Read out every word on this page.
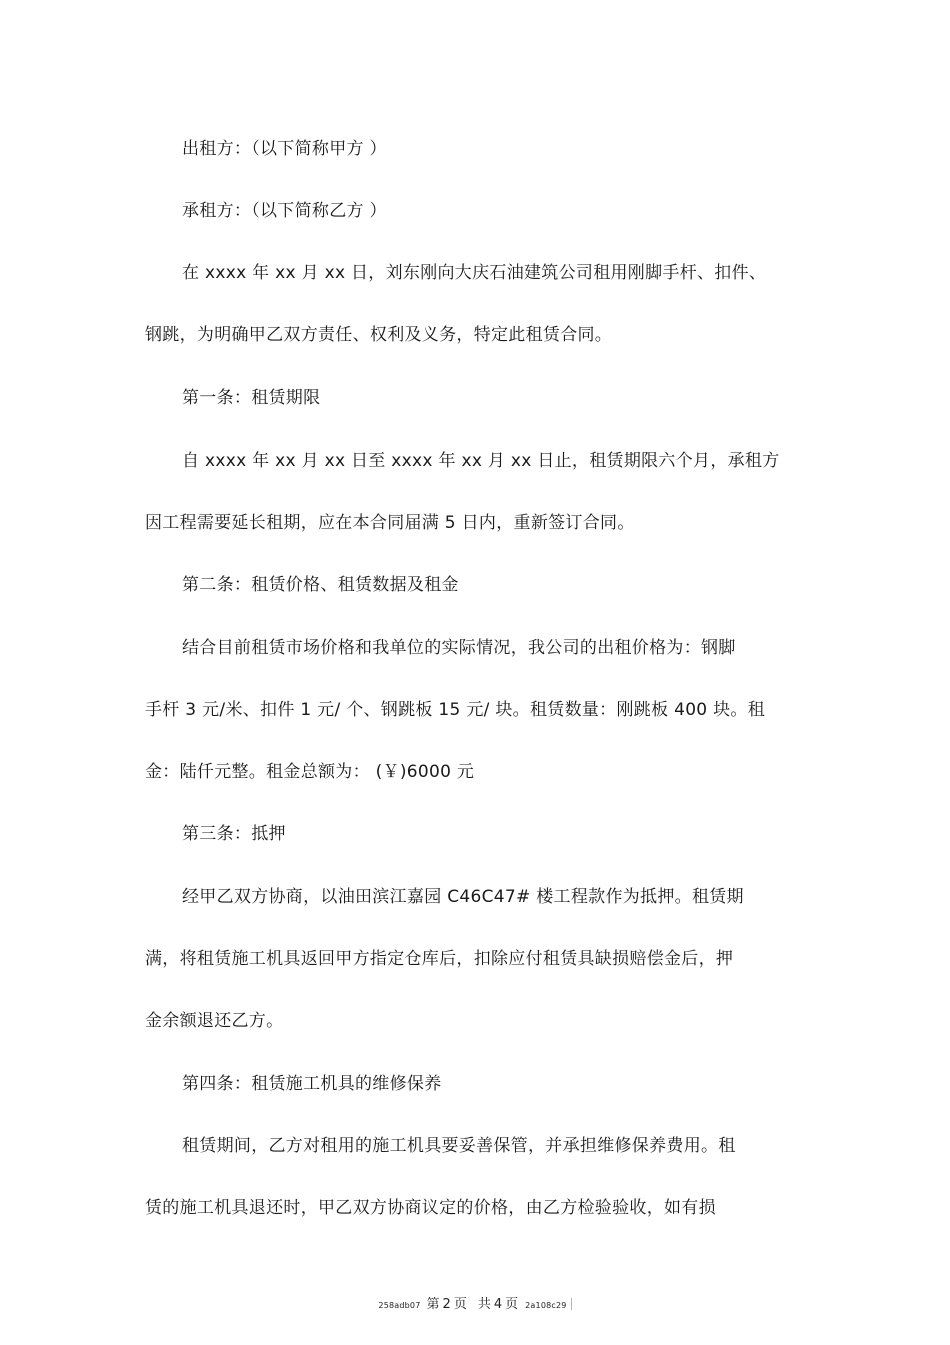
出租方：（以下简称甲方 ）
承租方：（以下简称乙方 ）
在 xxxx 年 xx 月 xx 日，刘东刚向大庆石油建筑公司租用刚脚手杆、扣件、
钢跳，为明确甲乙双方责任、权利及义务，特定此租赁合同。
第一条：租赁期限
自 xxxx 年 xx 月 xx 日至 xxxx 年 xx 月 xx 日止，租赁期限六个月，承租方
因工程需要延长租期，应在本合同届满 5 日内，重新签订合同。
第二条：租赁价格、租赁数据及租金
结合目前租赁市场价格和我单位的实际情况，我公司的出租价格为：钢脚
手杆 3 元/米、扣件 1 元/ 个、钢跳板 15 元/ 块。租赁数量：刚跳板 400 块。租
金：陆仟元整。租金总额为： (￥)6000 元
第三条：抵押
经甲乙双方协商，以油田滨江嘉园 C46C47# 楼工程款作为抵押。租赁期
满，将租赁施工机具返回甲方指定仓库后，扣除应付租赁具缺损赔偿金后，押
金余额退还乙方。
第四条：租赁施工机具的维修保养
租赁期间，乙方对租用的施工机具要妥善保管，并承担维修保养费用。租
赁的施工机具退还时，甲乙双方协商议定的价格，由乙方检验验收，如有损
258adb07 第 2 页 共 4 页 2a108c29
